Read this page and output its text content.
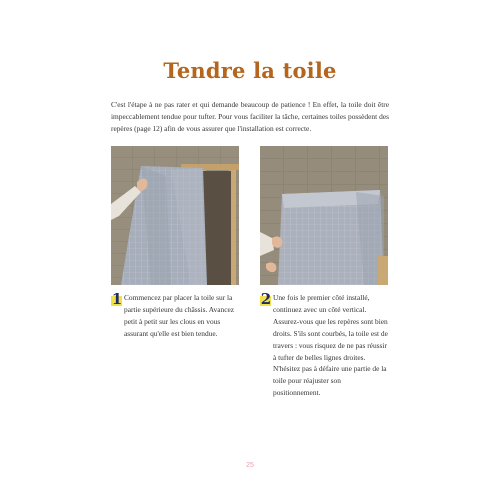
Tendre la toile
C'est l'étape à ne pas rater et qui demande beaucoup de patience ! En effet, la toile doit être impeccablement tendue pour tufter. Pour vous faciliter la tâche, certaines toiles possèdent des repères (page 12) afin de vous assurer que l'installation est correcte.
1 Commencez par placer la toile sur la partie supérieure du châssis. Avancez petit à petit sur les clous en vous assurant qu'elle est bien tendue.
2 Une fois le premier côté installé, continuez avec un côté vertical. Assurez-vous que les repères sont bien droits. S'ils sont courbés, la toile est de travers : vous risquez de ne pas réussir à tufter de belles lignes droites. N'hésitez pas à défaire une partie de la toile pour réajuster son positionnement.
25
